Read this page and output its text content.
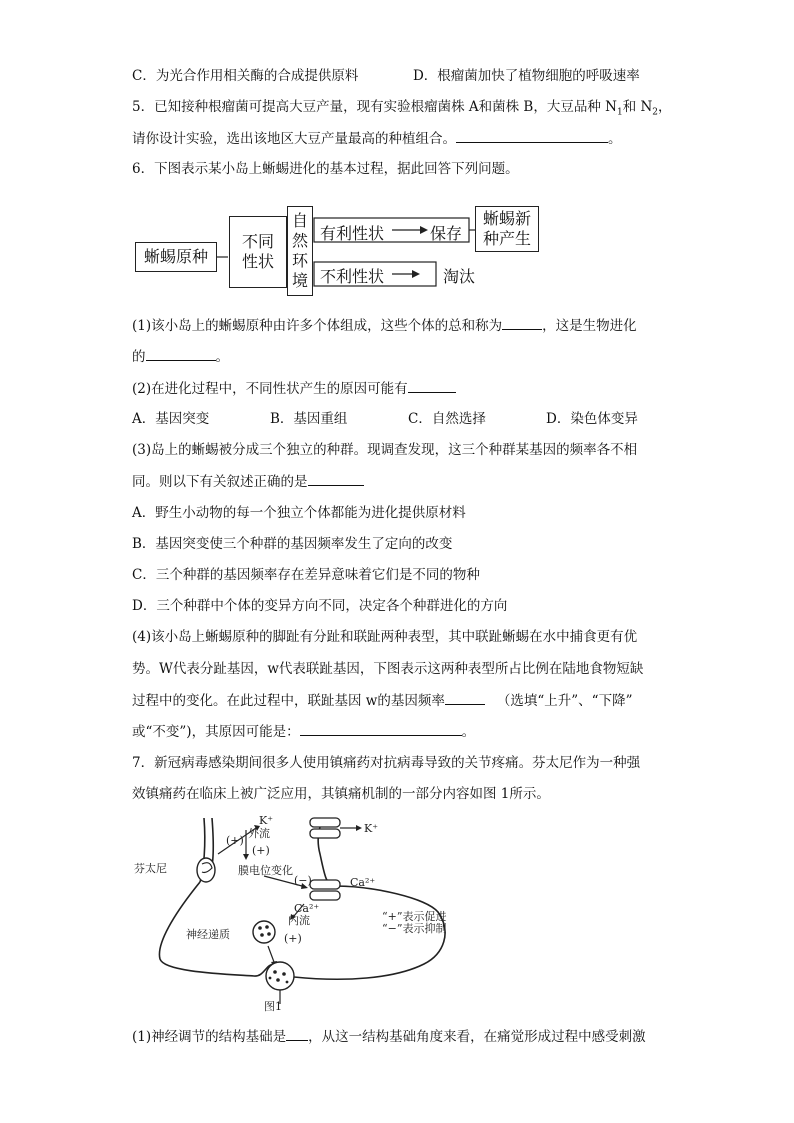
C．为光合作用相关酶的合成提供原料	D．根瘤菌加快了植物细胞的呼吸速率
5．已知接种根瘤菌可提高大豆产量，现有实验根瘤菌株 A和菌株 B，大豆品种 $N_1$和 $N_2$，
请你设计实验，选出该地区大豆产量最高的种植组合。	。
6．下图表示某小岛上蜥蜴进化的基本过程，据此回答下列问题。
蜥蜴原种
不同性状
自然环境
有利性状	保存
不利性状	淘汰
蜥蜴新种产生
(1)该小岛上的蜥蜴原种由许多个体组成，这些个体的总和称为	，这是生物进化
的	。
(2)在进化过程中，不同性状产生的原因可能有
A．基因突变	B．基因重组	C．自然选择	D．染色体变异
(3)岛上的蜥蜴被分成三个独立的种群。现调查发现，这三个种群某基因的频率各不相
同。则以下有关叙述正确的是
A．野生小动物的每一个独立个体都能为进化提供原材料
B．基因突变使三个种群的基因频率发生了定向的改变
C．三个种群的基因频率存在差异意味着它们是不同的物种
D．三个种群中个体的变异方向不同，决定各个种群进化的方向
(4)该小岛上蜥蜴原种的脚趾有分趾和联趾两种表型，其中联趾蜥蜴在水中捕食更有优
势。W代表分趾基因，w代表联趾基因，下图表示这两种表型所占比例在陆地食物短缺
过程中的变化。在此过程中，联趾基因 w的基因频率	（选填“上升”、“下降”
或“不变”)，其原因可能是：	。
7．新冠病毒感染期间很多人使用镇痛药对抗病毒导致的关节疼痛。芬太尼作为一种强
效镇痛药在临床上被广泛应用，其镇痛机制的一部分内容如图 1所示。
K⁺
外流	K⁺
(+)
(+)
芬太尼	膜电位变化
(−)	Ca²⁺
Ca²⁺
内流
(+)
神经递质
“+”表示促进
“−”表示抑制
图1
(1)神经调节的结构基础是 ，从这一结构基础角度来看，在痛觉形成过程中感受刺激
